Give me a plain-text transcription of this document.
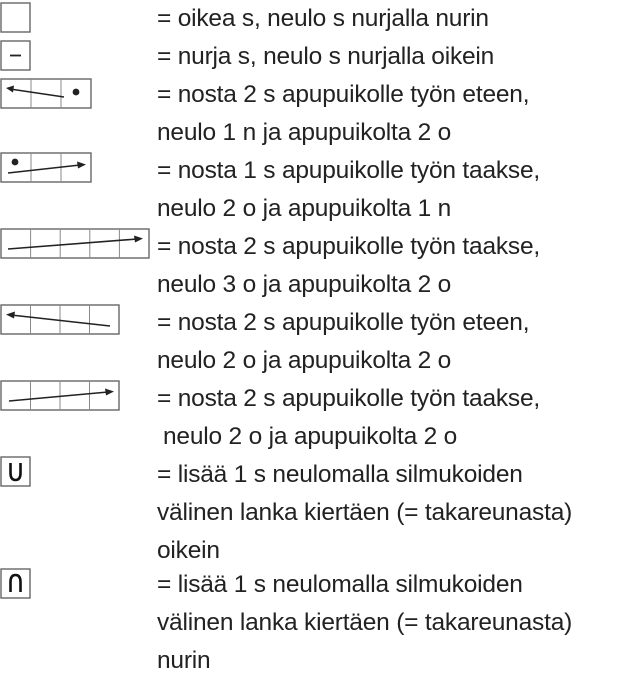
= oikea s, neulo s nurjalla nurin
= nurja s, neulo s nurjalla oikein
= nosta 2 s apupuikolle työn eteen,
neulo 1 n ja apupuikolta 2 o
= nosta 1 s apupuikolle työn taakse,
neulo 2 o ja apupuikolta 1 n
= nosta 2 s apupuikolle työn taakse,
neulo 3 o ja apupuikolta 2 o
= nosta 2 s apupuikolle työn eteen,
neulo 2 o ja apupuikolta 2 o
= nosta 2 s apupuikolle työn taakse,
neulo 2 o ja apupuikolta 2 o
= lisää 1 s neulomalla silmukoiden
välinen lanka kiertäen (= takareunasta)
oikein
= lisää 1 s neulomalla silmukoiden
välinen lanka kiertäen (= takareunasta)
nurin
